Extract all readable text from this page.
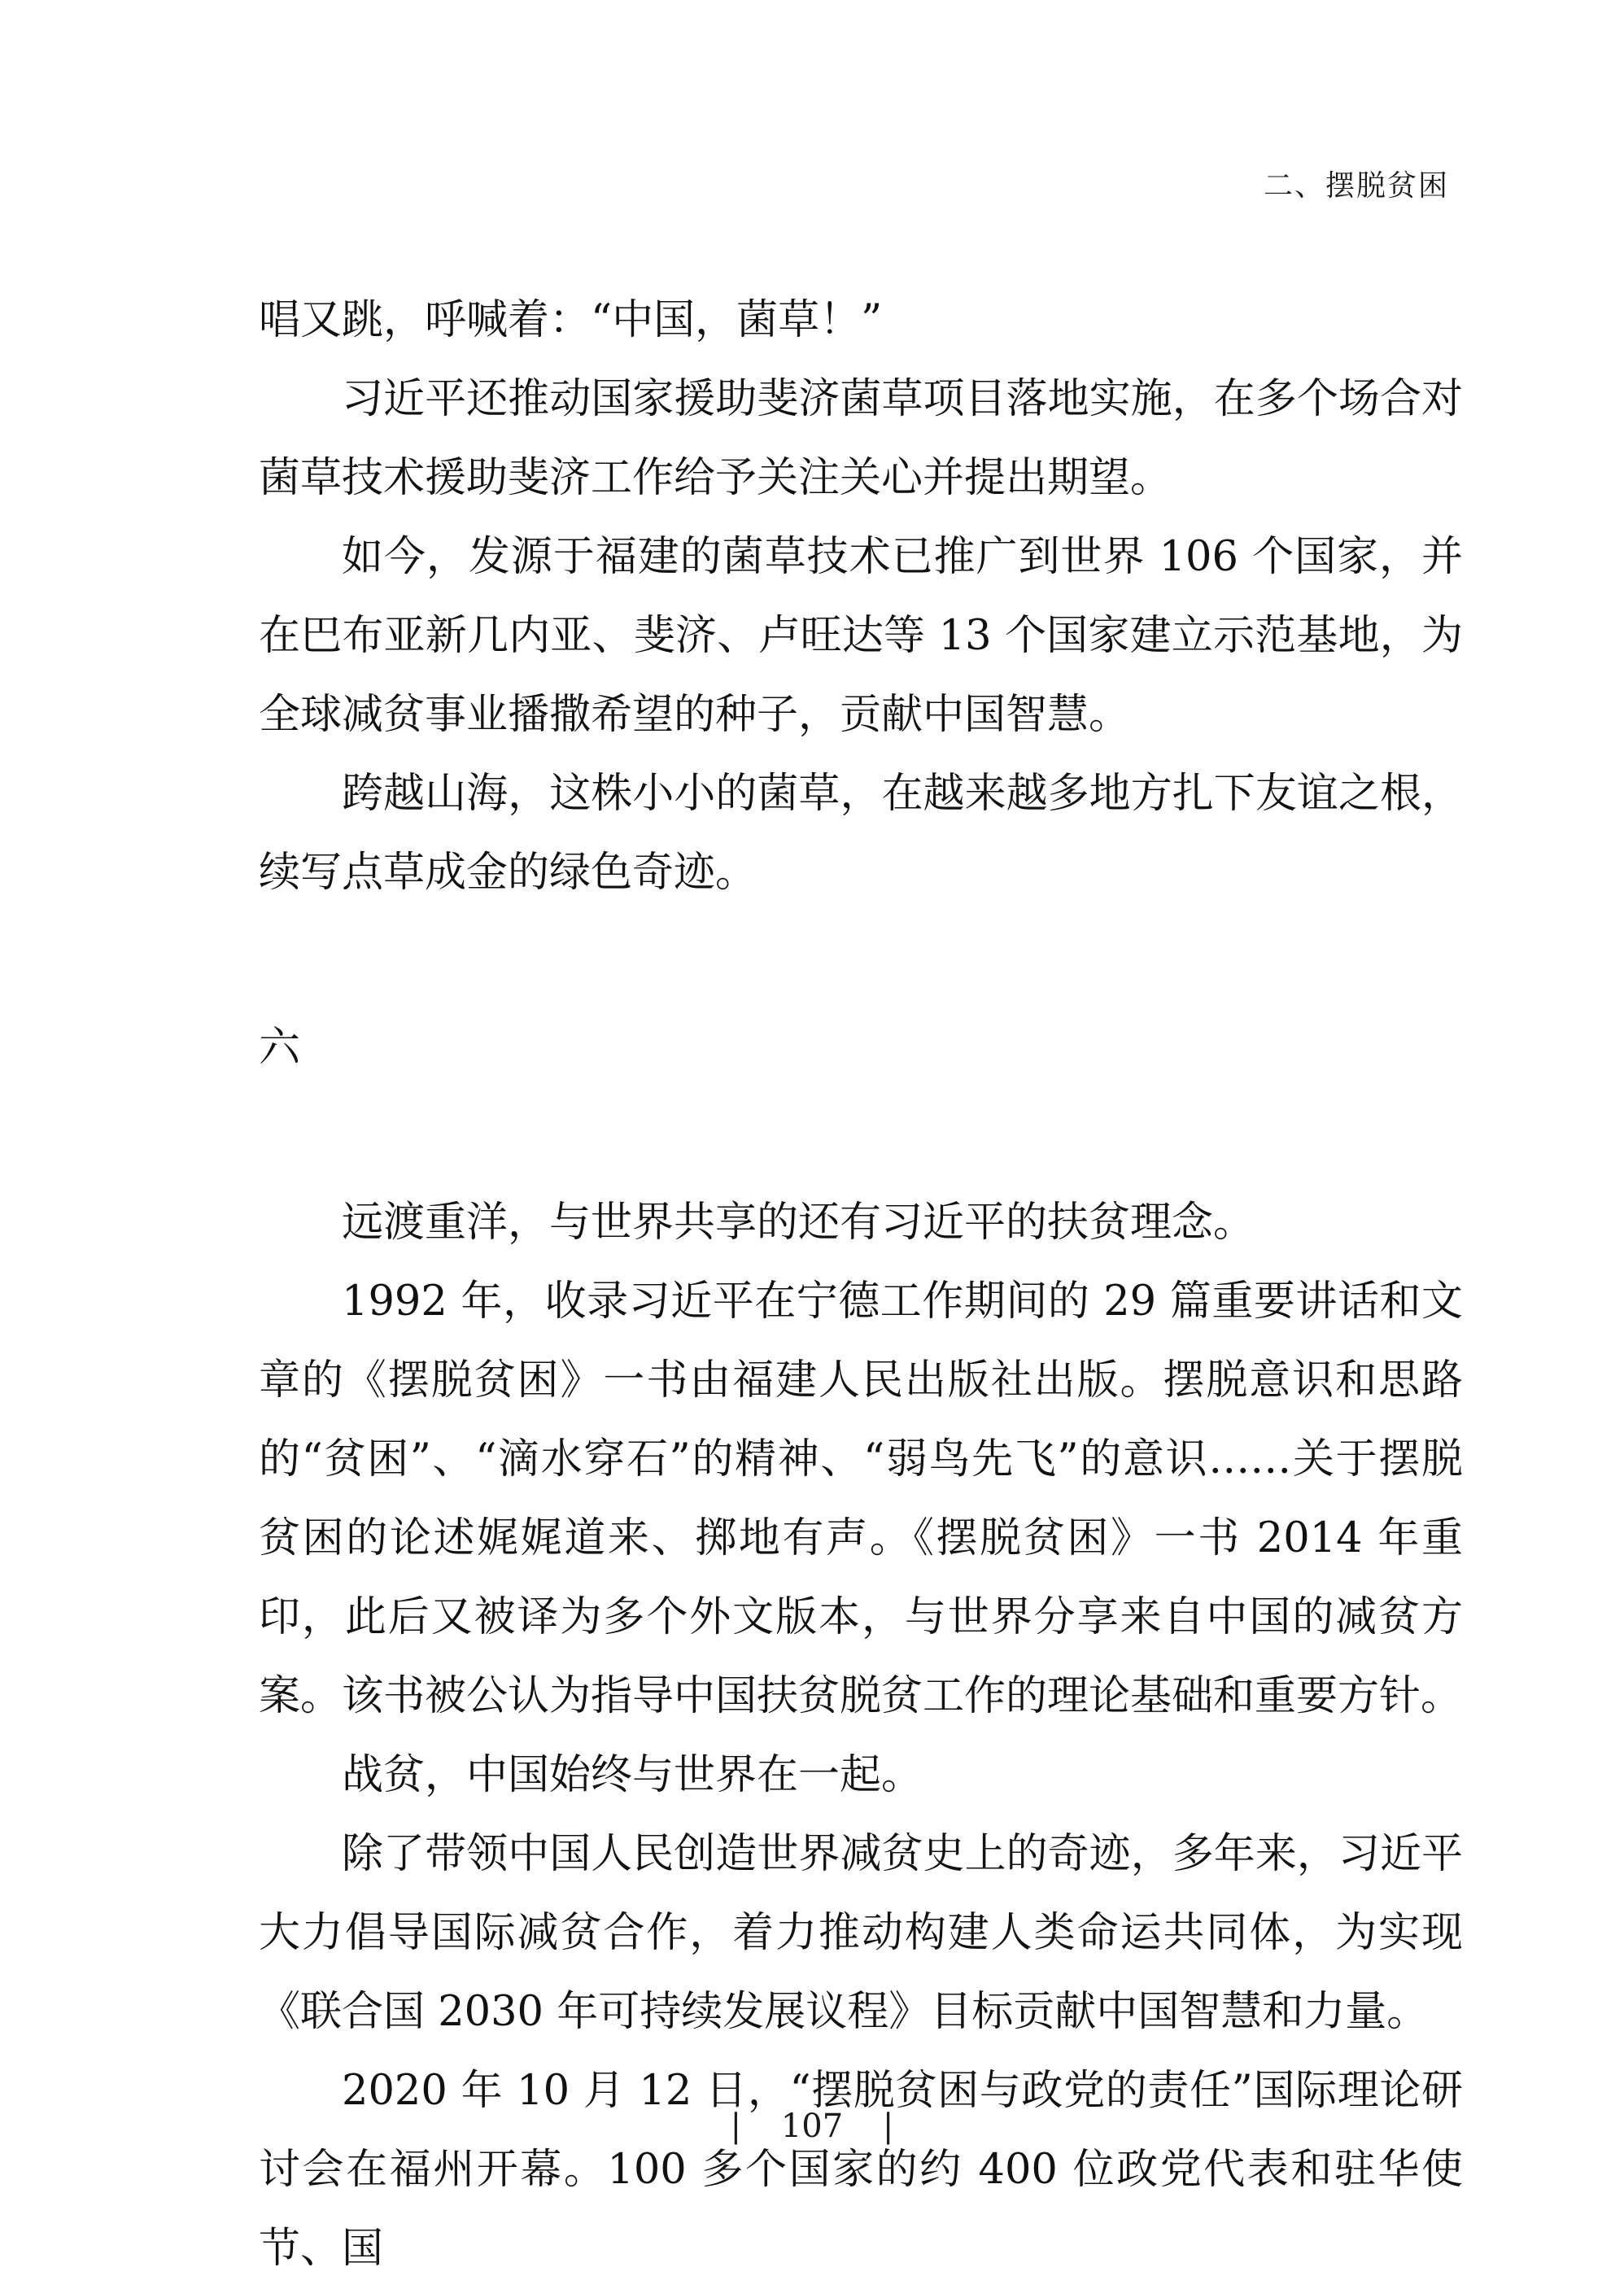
二、摆脱贫困

唱又跳，呼喊着：“中国，菌草！”

习近平还推动国家援助斐济菌草项目落地实施，在多个场合对菌草技术援助斐济工作给予关注关心并提出期望。

如今，发源于福建的菌草技术已推广到世界 106 个国家，并在巴布亚新几内亚、斐济、卢旺达等 13 个国家建立示范基地，为全球减贫事业播撒希望的种子，贡献中国智慧。

跨越山海，这株小小的菌草，在越来越多地方扎下友谊之根，续写点草成金的绿色奇迹。

六

远渡重洋，与世界共享的还有习近平的扶贫理念。

1992 年，收录习近平在宁德工作期间的 29 篇重要讲话和文章的《摆脱贫困》一书由福建人民出版社出版。摆脱意识和思路的“贫困”、“滴水穿石”的精神、“弱鸟先飞”的意识……关于摆脱贫困的论述娓娓道来、掷地有声。《摆脱贫困》一书 2014 年重印，此后又被译为多个外文版本，与世界分享来自中国的减贫方案。该书被公认为指导中国扶贫脱贫工作的理论基础和重要方针。

战贫，中国始终与世界在一起。

除了带领中国人民创造世界减贫史上的奇迹，多年来，习近平大力倡导国际减贫合作，着力推动构建人类命运共同体，为实现《联合国 2030 年可持续发展议程》目标贡献中国智慧和力量。

2020 年 10 月 12 日，“摆脱贫困与政党的责任”国际理论研讨会在福州开幕。100 多个国家的约 400 位政党代表和驻华使节、国

| 107 |
